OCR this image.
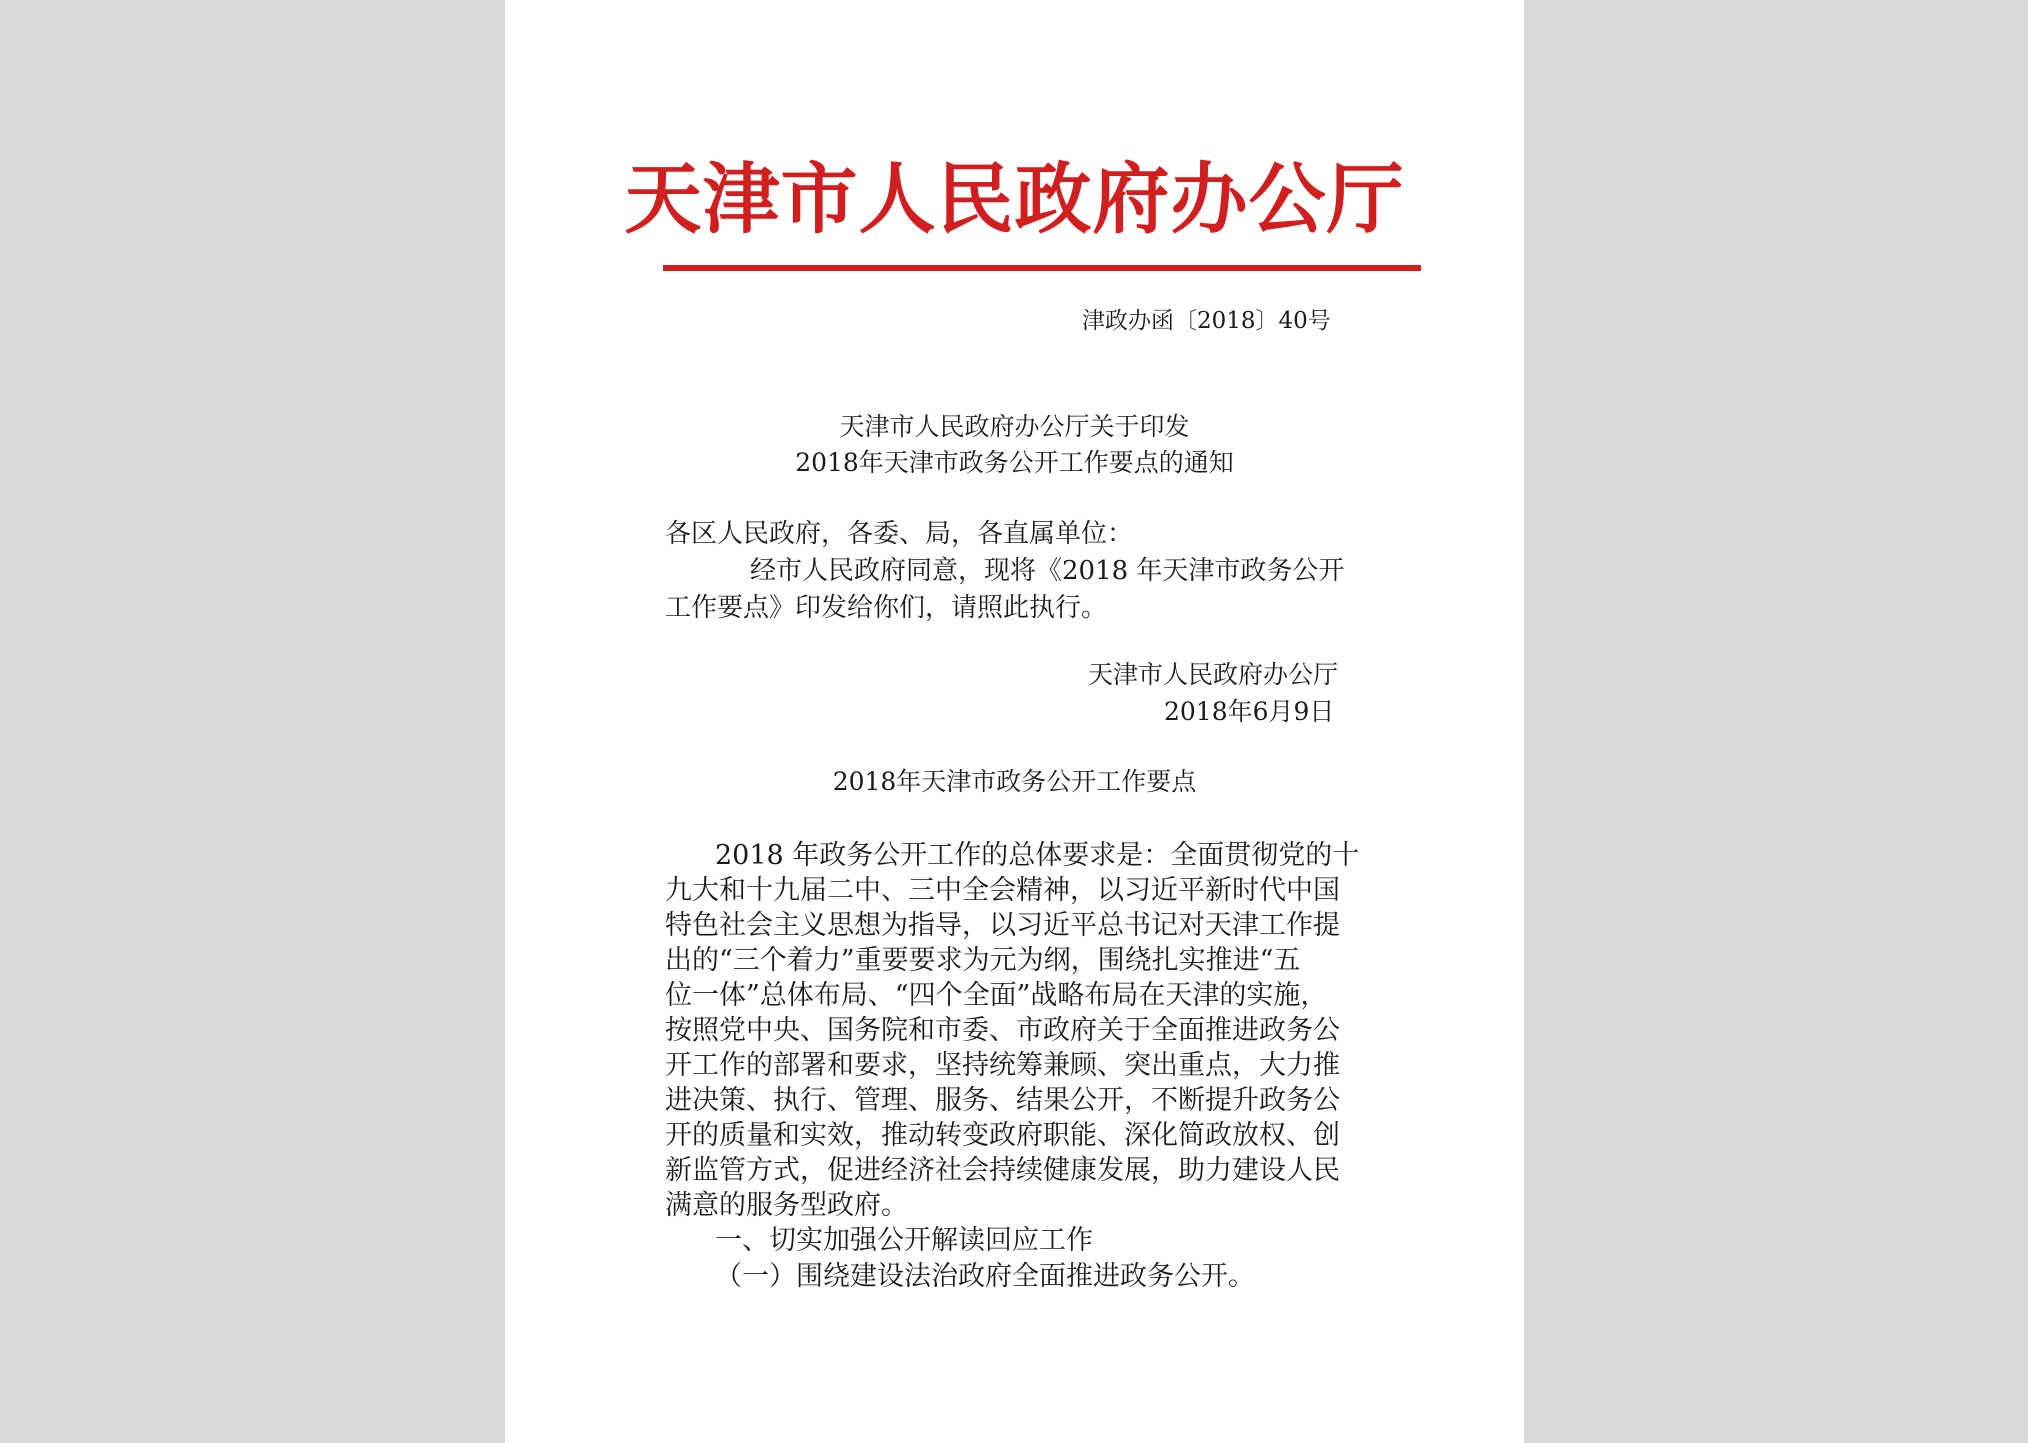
天津市人民政府办公厅
津政办函〔2018〕40号
天津市人民政府办公厅关于印发
2018年天津市政务公开工作要点的通知
各区人民政府，各委、局，各直属单位：
经市人民政府同意，现将《2018 年天津市政务公开
工作要点》印发给你们，请照此执行。
天津市人民政府办公厅
2018年6月9日
2018年天津市政务公开工作要点
2018 年政务公开工作的总体要求是：全面贯彻党的十
九大和十九届二中、三中全会精神，以习近平新时代中国
特色社会主义思想为指导，以习近平总书记对天津工作提
出的“三个着力”重要要求为元为纲，围绕扎实推进“五
位一体”总体布局、“四个全面”战略布局在天津的实施，
按照党中央、国务院和市委、市政府关于全面推进政务公
开工作的部署和要求，坚持统筹兼顾、突出重点，大力推
进决策、执行、管理、服务、结果公开，不断提升政务公
开的质量和实效，推动转变政府职能、深化简政放权、创
新监管方式，促进经济社会持续健康发展，助力建设人民
满意的服务型政府。
一、切实加强公开解读回应工作
（一）围绕建设法治政府全面推进政务公开。
